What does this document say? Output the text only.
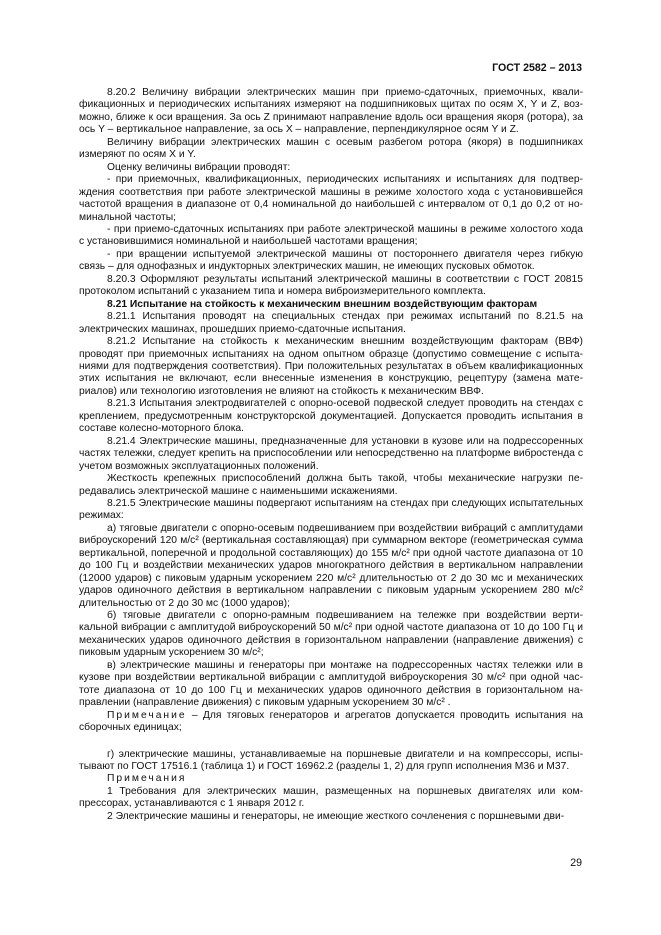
ГОСТ 2582 – 2013

8.20.2 Величину вибрации электрических машин при приемо-сдаточных, приемочных, квалификационных и периодических испытаниях измеряют на подшипниковых щитах по осям X, Y и Z, возможно, ближе к оси вращения. За ось Z принимают направление вдоль оси вращения якоря (ротора), за ось Y – вертикальное направление, за ось X – направление, перпендикулярное осям Y и Z.

Величину вибрации электрических машин с осевым разбегом ротора (якоря) в подшипниках измеряют по осям X и Y.

Оценку величины вибрации проводят:

- при приемочных, квалификационных, периодических испытаниях и испытаниях для подтверждения соответствия при работе электрической машины в режиме холостого хода с установившейся частотой вращения в диапазоне от 0,4 номинальной до наибольшей с интервалом от 0,1 до 0,2 от номинальной частоты;

- при приемо-сдаточных испытаниях при работе электрической машины в режиме холостого хода с установившимися номинальной и наибольшей частотами вращения;

- при вращении испытуемой электрической машины от постороннего двигателя через гибкую связь – для однофазных и индукторных электрических машин, не имеющих пусковых обмоток.

8.20.3 Оформляют результаты испытаний электрической машины в соответствии с ГОСТ 20815 протоколом испытаний с указанием типа и номера виброизмерительного комплекта.

8.21 Испытание на стойкость к механическим внешним воздействующим факторам

8.21.1 Испытания проводят на специальных стендах при режимах испытаний по 8.21.5 на электрических машинах, прошедших приемо-сдаточные испытания.

8.21.2 Испытание на стойкость к механическим внешним воздействующим факторам (ВВФ) проводят при приемочных испытаниях на одном опытном образце (допустимо совмещение с испытаниями для подтверждения соответствия). При положительных результатах в объем квалификационных этих испытания не включают, если внесенные изменения в конструкцию, рецептуру (замена материалов) или технологию изготовления не влияют на стойкость к механическим ВВФ.

8.21.3 Испытания электродвигателей с опорно-осевой подвеской следует проводить на стендах с креплением, предусмотренным конструкторской документацией. Допускается проводить испытания в составе колесно-моторного блока.

8.21.4 Электрические машины, предназначенные для установки в кузове или на подрессоренных частях тележки, следует крепить на приспособлении или непосредственно на платформе вибростенда с учетом возможных эксплуатационных положений.

Жесткость крепежных приспособлений должна быть такой, чтобы механические нагрузки передавались электрической машине с наименьшими искажениями.

8.21.5 Электрические машины подвергают испытаниям на стендах при следующих испытательных режимах:

а) тяговые двигатели с опорно-осевым подвешиванием при воздействии вибраций с амплитудами виброускорений 120 м/с² (вертикальная составляющая) при суммарном векторе (геометрическая сумма вертикальной, поперечной и продольной составляющих) до 155 м/с² при одной частоте диапазона от 10 до 100 Гц и воздействии механических ударов многократного действия в вертикальном направлении (12000 ударов) с пиковым ударным ускорением 220 м/с² длительностью от 2 до 30 мс и механических ударов одиночного действия в вертикальном направлении с пиковым ударным ускорением 280 м/с² длительностью от 2 до 30 мс (1000 ударов);

б) тяговые двигатели с опорно-рамным подвешиванием на тележке при воздействии вертикальной вибрации с амплитудой виброускорений 50 м/с² при одной частоте диапазона от 10 до 100 Гц и механических ударов одиночного действия в горизонтальном направлении (направление движения) с пиковым ударным ускорением 30 м/с²;

в) электрические машины и генераторы при монтаже на подрессоренных частях тележки или в кузове при воздействии вертикальной вибрации с амплитудой виброускорения 30 м/с² при одной частоте диапазона от 10 до 100 Гц и механических ударов одиночного действия в горизонтальном направлении (направление движения) с пиковым ударным ускорением 30 м/с² .

Примечание – Для тяговых генераторов и агрегатов допускается проводить испытания на сборочных единицах;

г) электрические машины, устанавливаемые на поршневые двигатели и на компрессоры, испытывают по ГОСТ 17516.1 (таблица 1) и ГОСТ 16962.2 (разделы 1, 2) для групп исполнения М36 и М37.

Примечания

1 Требования для электрических машин, размещенных на поршневых двигателях или компрессорах, устанавливаются с 1 января 2012 г.

2 Электрические машины и генераторы, не имеющие жесткого сочленения с поршневыми дви-

29
